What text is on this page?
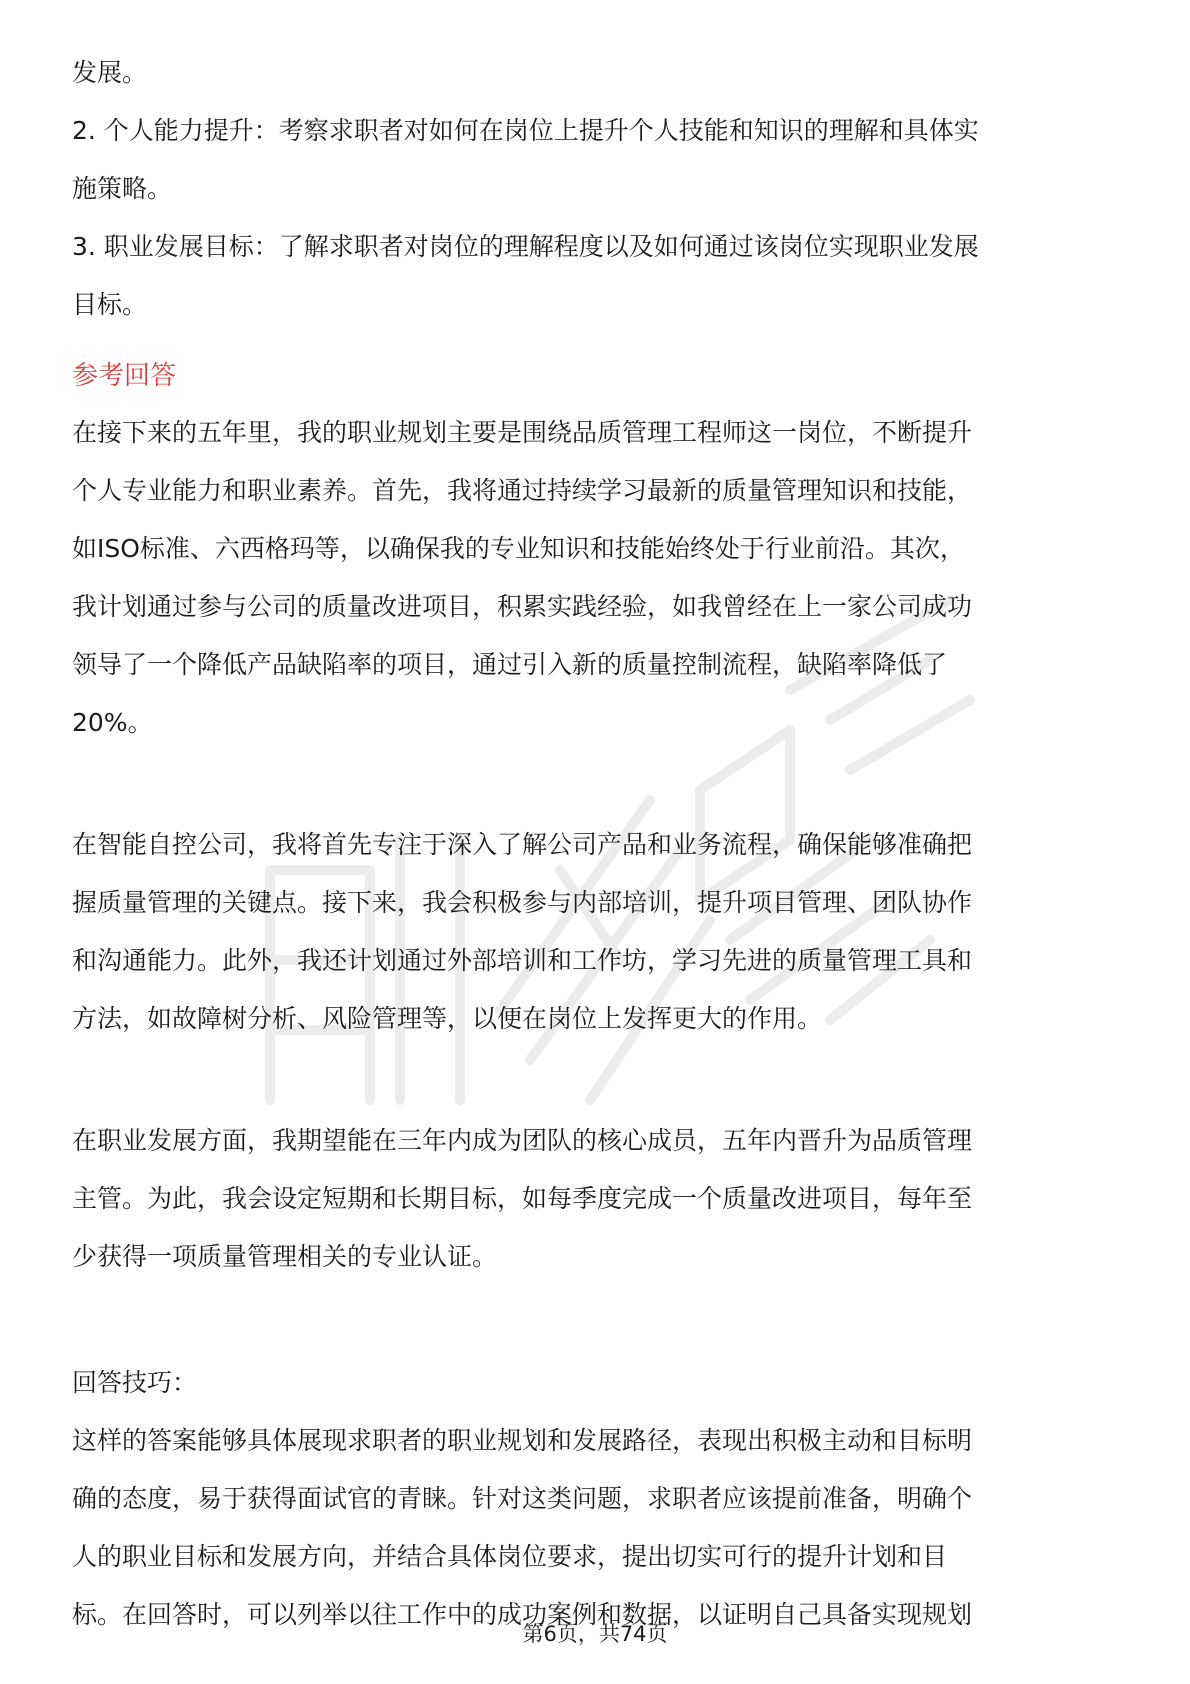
发展。

2. 个人能力提升：考察求职者对如何在岗位上提升个人技能和知识的理解和具体实

施策略。

3. 职业发展目标：了解求职者对岗位的理解程度以及如何通过该岗位实现职业发展

目标。

参考回答

在接下来的五年里，我的职业规划主要是围绕品质管理工程师这一岗位，不断提升

个人专业能力和职业素养。首先，我将通过持续学习最新的质量管理知识和技能，

如ISO标准、六西格玛等，以确保我的专业知识和技能始终处于行业前沿。其次，

我计划通过参与公司的质量改进项目，积累实践经验，如我曾经在上一家公司成功

领导了一个降低产品缺陷率的项目，通过引入新的质量控制流程，缺陷率降低了

20%。

在智能自控公司，我将首先专注于深入了解公司产品和业务流程，确保能够准确把

握质量管理的关键点。接下来，我会积极参与内部培训，提升项目管理、团队协作

和沟通能力。此外，我还计划通过外部培训和工作坊，学习先进的质量管理工具和

方法，如故障树分析、风险管理等，以便在岗位上发挥更大的作用。

在职业发展方面，我期望能在三年内成为团队的核心成员，五年内晋升为品质管理

主管。为此，我会设定短期和长期目标，如每季度完成一个质量改进项目，每年至

少获得一项质量管理相关的专业认证。

回答技巧：

这样的答案能够具体展现求职者的职业规划和发展路径，表现出积极主动和目标明

确的态度，易于获得面试官的青睐。针对这类问题，求职者应该提前准备，明确个

人的职业目标和发展方向，并结合具体岗位要求，提出切实可行的提升计划和目

标。在回答时，可以列举以往工作中的成功案例和数据，以证明自己具备实现规划

第6页，共74页
